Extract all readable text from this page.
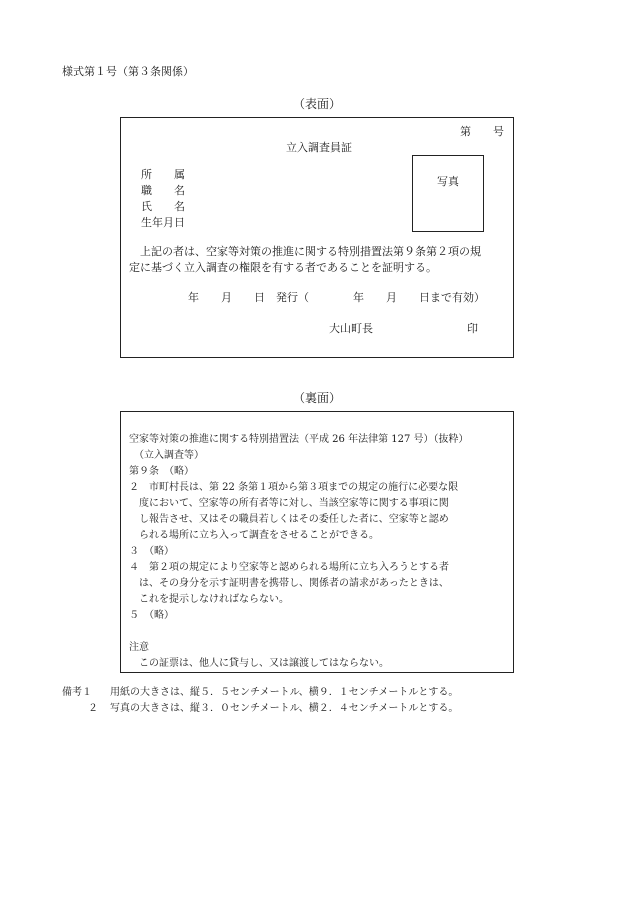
様式第１号（第３条関係）
（表面）
第　　号
立入調査員証
所　　属
職　　名
氏　　名
生年月日
写真
　上記の者は、空家等対策の推進に関する特別措置法第９条第２項の規
定に基づく立入調査の権限を有する者であることを証明する。
年　　月　　日　発行（　　　　年　　月　　日まで有効）
大山町長	印
（裏面）
空家等対策の推進に関する特別措置法（平成 26 年法律第 127 号）（抜粋）
　（立入調査等）
第９条　（略）
２　市町村長は、第 22 条第１項から第３項までの規定の施行に必要な限
　度において、空家等の所有者等に対し、当該空家等に関する事項に関
　し報告させ、又はその職員若しくはその委任した者に、空家等と認め
　られる場所に立ち入って調査をさせることができる。
３　（略）
４　第２項の規定により空家等と認められる場所に立ち入ろうとする者
　は、その身分を示す証明書を携帯し、関係者の請求があったときは、
　これを提示しなければならない。
５　（略）
注意
　この証票は、他人に貸与し、又は譲渡してはならない。
備考１ 用紙の大きさは、縦５．５センチメートル、横９．１センチメートルとする。
２ 写真の大きさは、縦３．０センチメートル、横２．４センチメートルとする。
